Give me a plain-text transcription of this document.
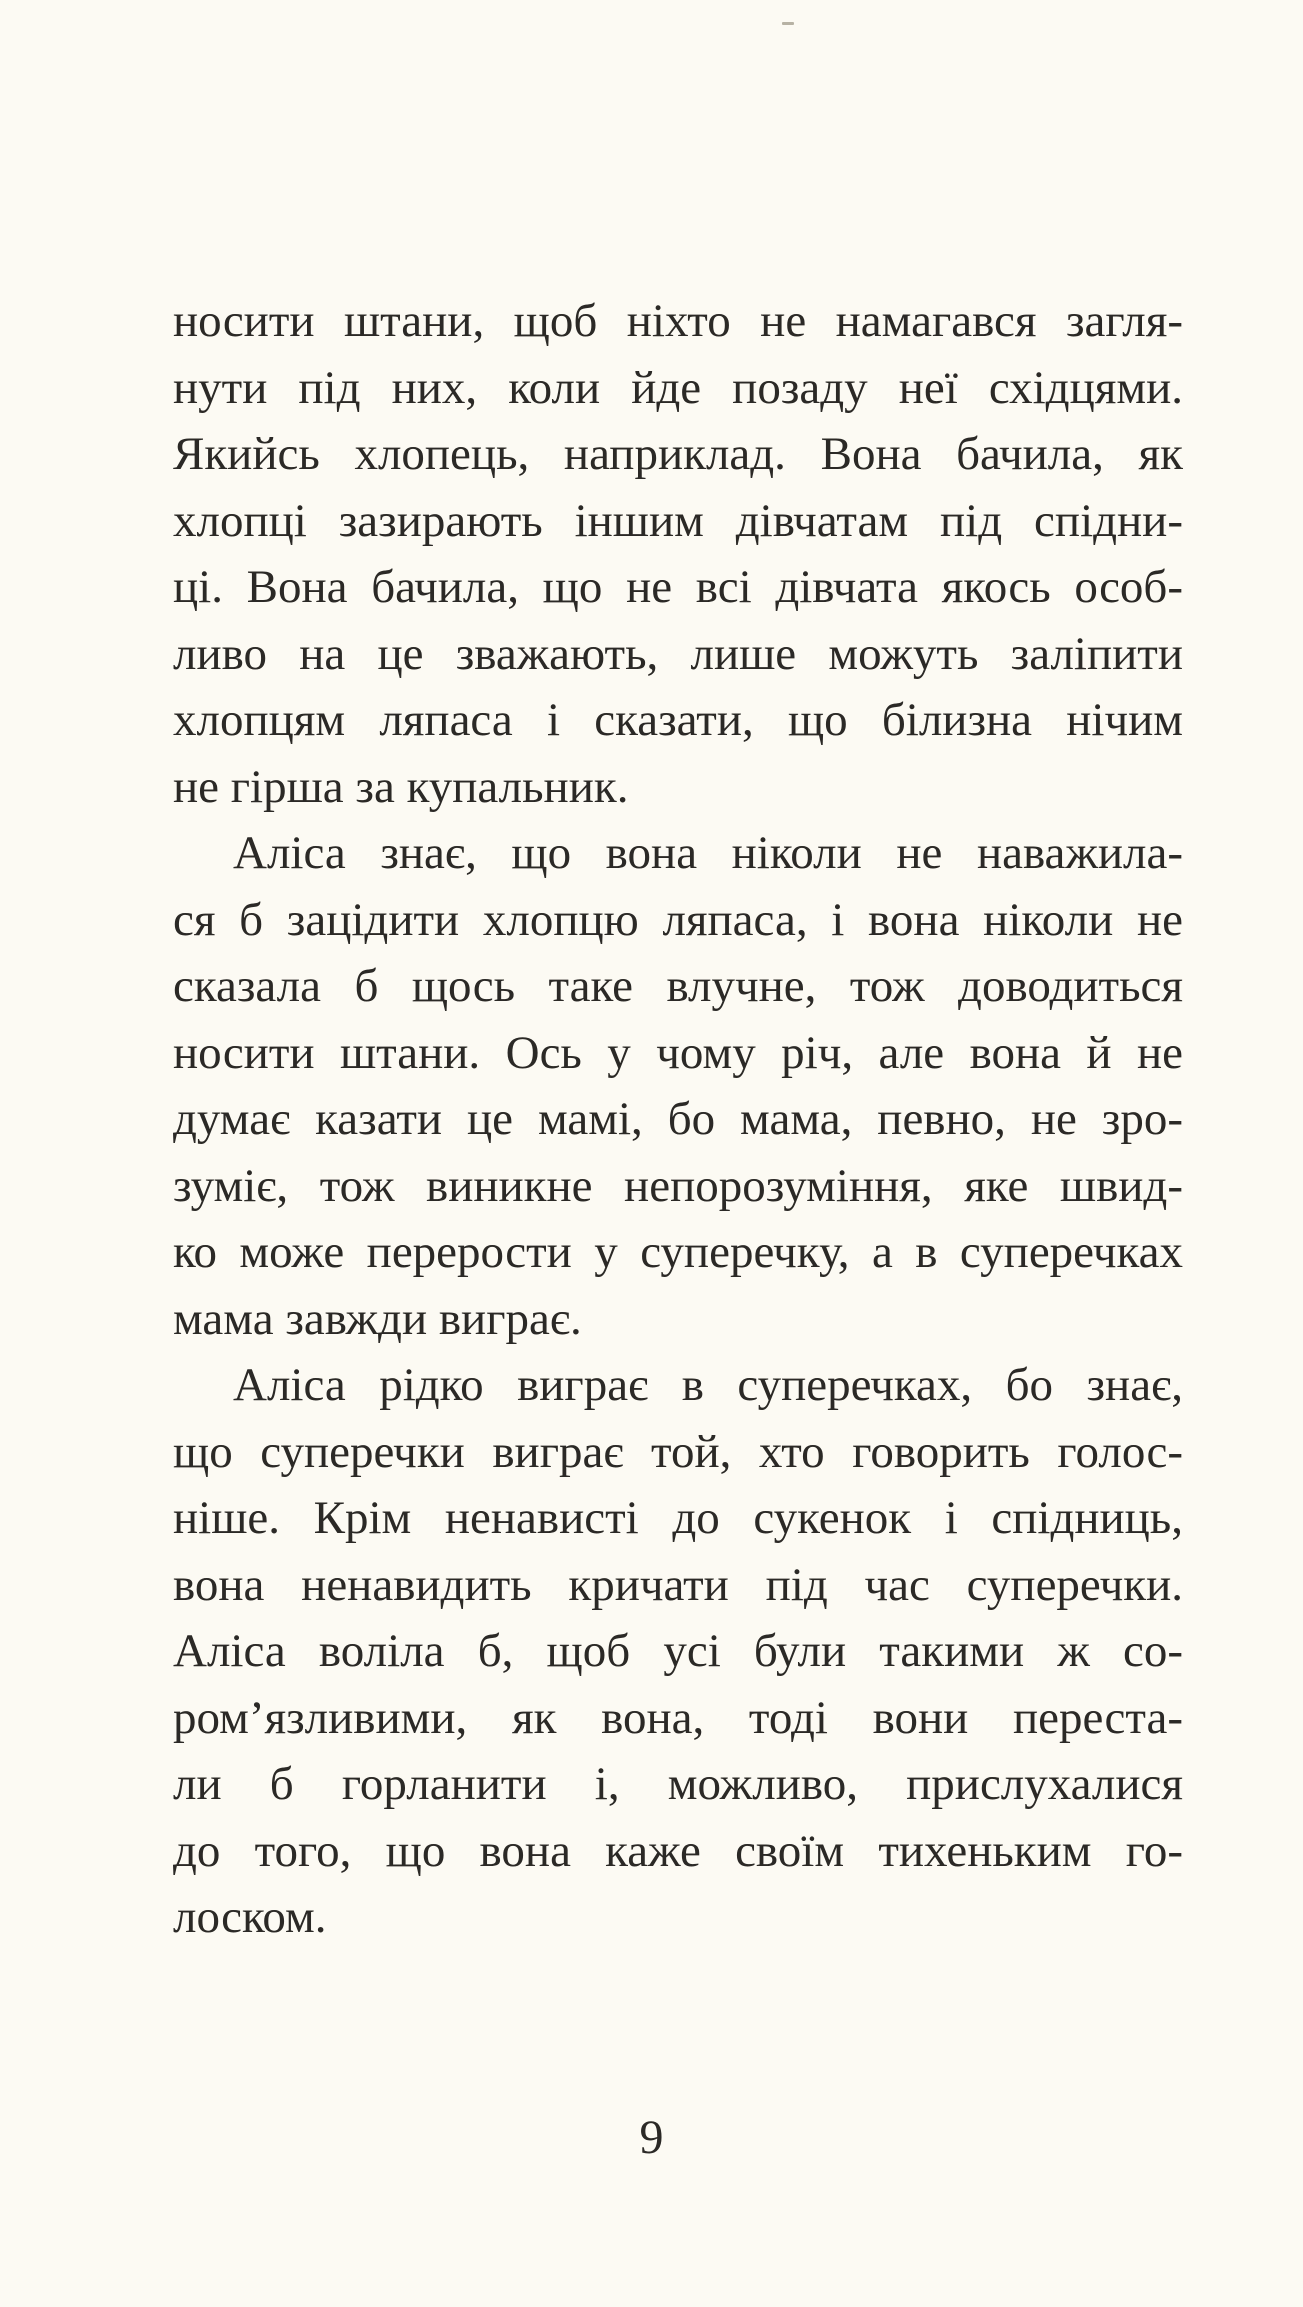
носити штани, щоб ніхто не намагався загля-
нути під них, коли йде позаду неї східцями.
Якийсь хлопець, наприклад. Вона бачила, як
хлопці зазирають іншим дівчатам під спідни-
ці. Вона бачила, що не всі дівчата якось особ-
ливо на це зважають, лише можуть заліпити
хлопцям ляпаса і сказати, що білизна нічим
не гірша за купальник.

Аліса знає, що вона ніколи не наважила-
ся б зацідити хлопцю ляпаса, і вона ніколи не
сказала б щось таке влучне, тож доводиться
носити штани. Ось у чому річ, але вона й не
думає казати це мамі, бо мама, певно, не зро-
зуміє, тож виникне непорозуміння, яке швид-
ко може перерости у суперечку, а в суперечках
мама завжди виграє.

Аліса рідко виграє в суперечках, бо знає,
що суперечки виграє той, хто говорить голос-
ніше. Крім ненависті до сукенок і спідниць,
вона ненавидить кричати під час суперечки.
Аліса воліла б, щоб усі були такими ж со-
ром’язливими, як вона, тоді вони переста-
ли б горланити і, можливо, прислухалися
до того, що вона каже своїм тихеньким го-
лоском.

9
